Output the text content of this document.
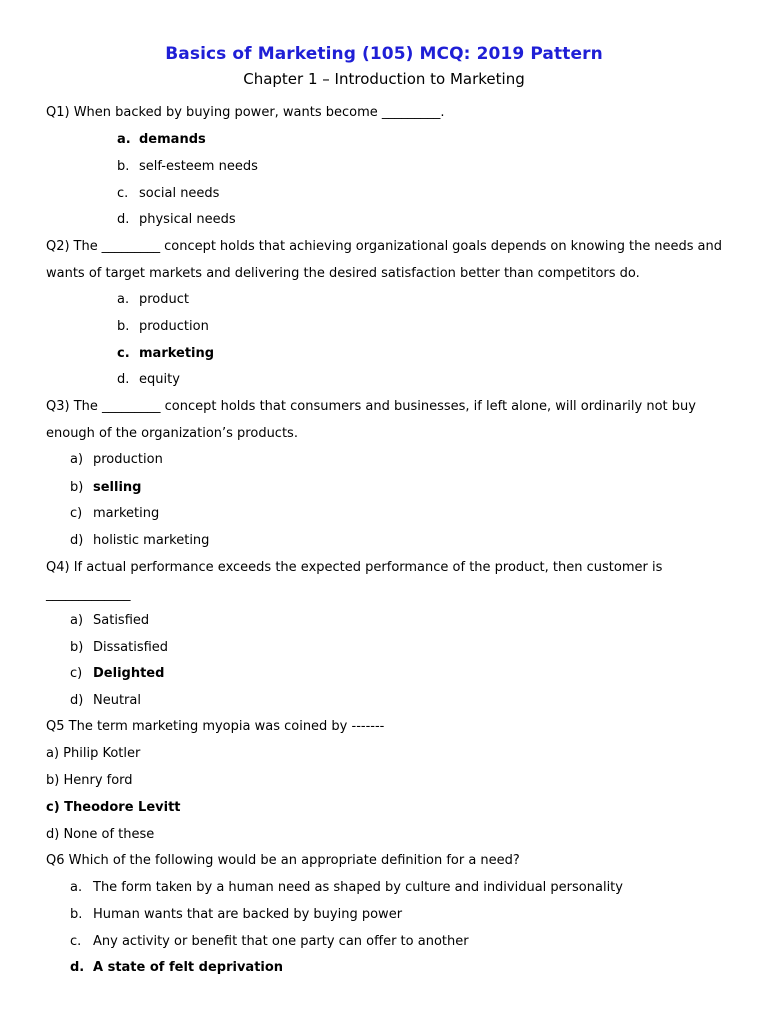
Basics of Marketing (105) MCQ: 2019 Pattern
Chapter 1 – Introduction to Marketing
Q1) When backed by buying power, wants become _________.
a. demands
b. self-esteem needs
c. social needs
d. physical needs
Q2) The _________ concept holds that achieving organizational goals depends on knowing the needs and
wants of target markets and delivering the desired satisfaction better than competitors do.
a. product
b. production
c. marketing
d. equity
Q3) The _________ concept holds that consumers and businesses, if left alone, will ordinarily not buy
enough of the organization’s products.
a) production
b) selling
c) marketing
d) holistic marketing
Q4) If actual performance exceeds the expected performance of the product, then customer is
_____________
a) Satisfied
b) Dissatisfied
c) Delighted
d) Neutral
Q5 The term marketing myopia was coined by -------
a) Philip Kotler
b) Henry ford
c) Theodore Levitt
d) None of these
Q6 Which of the following would be an appropriate definition for a need?
a. The form taken by a human need as shaped by culture and individual personality
b. Human wants that are backed by buying power
c. Any activity or benefit that one party can offer to another
d. A state of felt deprivation
